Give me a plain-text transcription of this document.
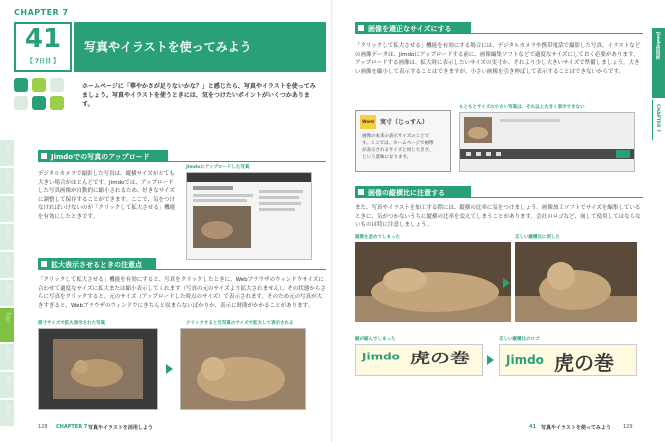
CHAPTER 7
41
【 7日目 】
写真やイラストを使ってみよう
ホームページに「華やかさが足りないかな？」と感じたら、写真やイラストを使ってみましょう。写真やイラストを使うときには、気をつけたいポイントがいくつかあります。
1日目
2日目
3日目
4日目
5日目
6日目
7日目
8日目
9日目
10日目
Jimdoでの写真のアップロード
デジタルカメラで撮影した写真は、縦横サイズがとても大きい場合がほとんどです。Jimdoでは、アップロードした写真画像が自動的に縮小されるため、好きなサイズに調整して保存することができます。ここで、気をつけなければいけないのが「クリックして拡大させる」機能を有効にしたときです。
Jimdoにアップロードした写真
拡大表示させるときの注意点
「クリックして拡大させる」機能を有効にすると、写真をクリックしたときに、Webブラウザのウィンドウサイズに合わせて適度なサイズに拡大または縮小表示してくれます（写真の元のサイズより拡大されません）。その状態からさらに写真をクリックすると、元のサイズ（アップロードした時点のサイズ）で表示されます。そのため元の写真が大きすぎると、Webブラウザのウィンドウにきちんと収まらないばかりか、表示に時間がかかることがあります。
原寸サイズで拡大表示された写真	クリックすると元写真のサイズで拡大して表示される
128 CHAPTER 7 写真やイラストを活用しよう
画像を適正なサイズにする
「クリックして拡大させる」機能を有効にする場合には、デジタルカメラや携帯電話で撮影した写真、イラストなどの画像データは、Jimdoにアップロードする前に、画像編集ソフトなどで適度なサイズにしておく必要があります。アップロードする画像は、拡大時に表示したいサイズの実寸か、それより少し大きいサイズで準備しましょう。大きい画像を縮小して表示することはできますが、小さい画像を引き伸ばして表示することはできないからです。
もともとサイズの小さい写真は、それ以上大きく表示できない
Word	実寸（じっすん）
画像の本来の表示サイズのことです。ここでは、ホームページで画像が表示されるサイズと同じ大きさ、という意味になります。
画像の縦横比に注意する
また、写真やイラストを加工する際には、縦横の比率に気をつけましょう。画像加工ソフトでサイズを編集しているときに、気がつかないうちに縦横の比率を変えてしまうことがあります。会社のロゴなど、崩して使用してはならないものは特に注意しましょう。
画像を歪めてしまった	正しい縦横比に戻した
縦が縮んでしまった	正しい縦横比のロゴ
Jimdo 虎の巻	Jimdo 虎の巻
41 写真やイラストを使ってみよう 129
Jimdo活用術
CHAPTER 7
